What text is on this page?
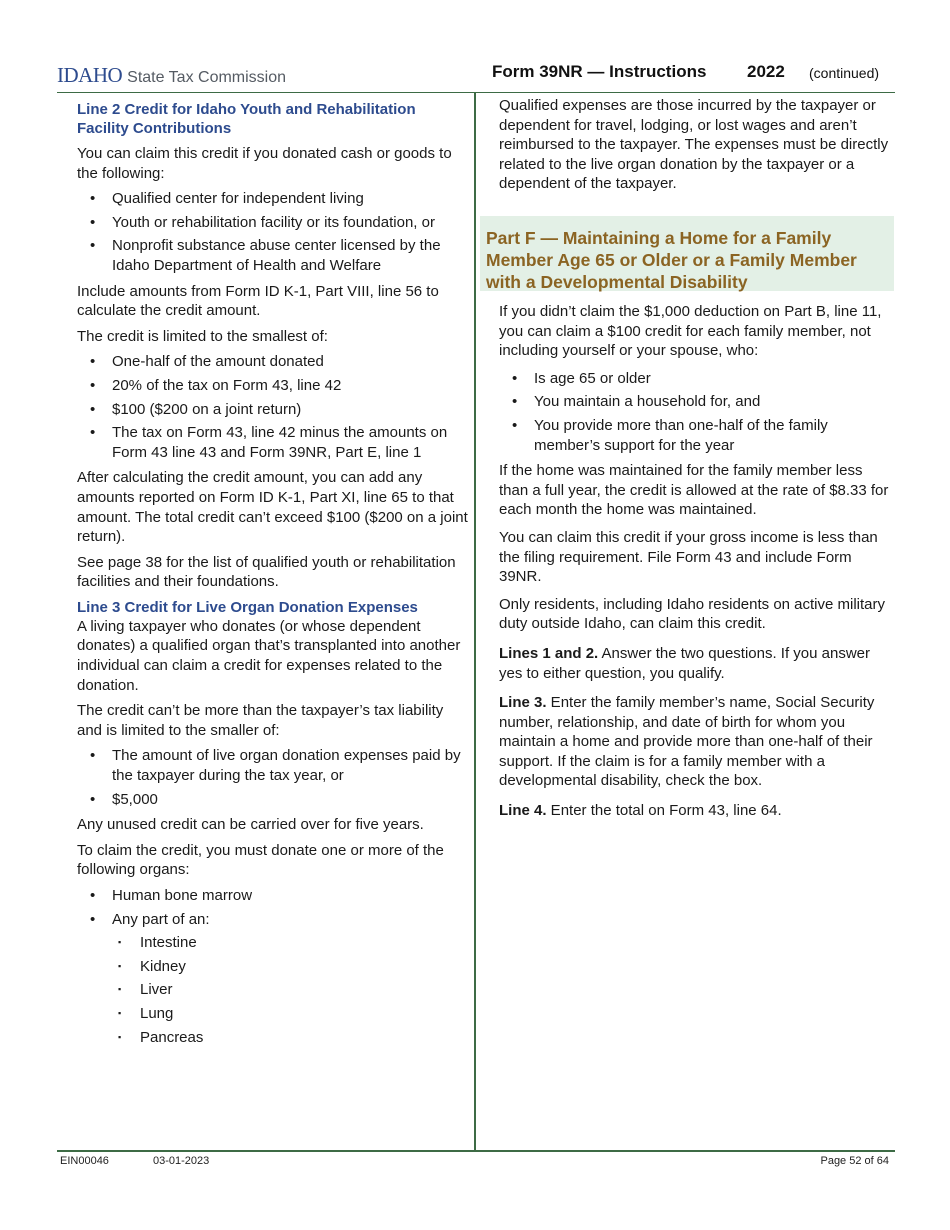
IDAHO State Tax Commission	Form 39NR — Instructions 2022 (continued)
Line 2 Credit for Idaho Youth and Rehabilitation Facility Contributions

You can claim this credit if you donated cash or goods to the following:

• Qualified center for independent living
• Youth or rehabilitation facility or its foundation, or
• Nonprofit substance abuse center licensed by the Idaho Department of Health and Welfare

Include amounts from Form ID K-1, Part VIII, line 56 to calculate the credit amount.

The credit is limited to the smallest of:

• One-half of the amount donated
• 20% of the tax on Form 43, line 42
• $100 ($200 on a joint return)
• The tax on Form 43, line 42 minus the amounts on Form 43 line 43 and Form 39NR, Part E, line 1

After calculating the credit amount, you can add any amounts reported on Form ID K-1, Part XI, line 65 to that amount. The total credit can’t exceed $100 ($200 on a joint return).

See page 38 for the list of qualified youth or rehabilitation facilities and their foundations.

Line 3 Credit for Live Organ Donation Expenses

A living taxpayer who donates (or whose dependent donates) a qualified organ that’s transplanted into another individual can claim a credit for expenses related to the donation.

The credit can’t be more than the taxpayer’s tax liability and is limited to the smaller of:

• The amount of live organ donation expenses paid by the taxpayer during the tax year, or
• $5,000

Any unused credit can be carried over for five years.

To claim the credit, you must donate one or more of the following organs:

• Human bone marrow
• Any part of an:
▪ Intestine
▪ Kidney
▪ Liver
▪ Lung
▪ Pancreas

Qualified expenses are those incurred by the taxpayer or dependent for travel, lodging, or lost wages and aren’t reimbursed to the taxpayer. The expenses must be directly related to the live organ donation by the taxpayer or a dependent of the taxpayer.

Part F — Maintaining a Home for a Family Member Age 65 or Older or a Family Member with a Developmental Disability

If you didn’t claim the $1,000 deduction on Part B, line 11, you can claim a $100 credit for each family member, not including yourself or your spouse, who:

• Is age 65 or older
• You maintain a household for, and
• You provide more than one-half of the family member’s support for the year

If the home was maintained for the family member less than a full year, the credit is allowed at the rate of $8.33 for each month the home was maintained.

You can claim this credit if your gross income is less than the filing requirement. File Form 43 and include Form 39NR.

Only residents, including Idaho residents on active military duty outside Idaho, can claim this credit.

Lines 1 and 2. Answer the two questions. If you answer yes to either question, you qualify.

Line 3. Enter the family member’s name, Social Security number, relationship, and date of birth for whom you maintain a home and provide more than one-half of their support. If the claim is for a family member with a developmental disability, check the box.

Line 4. Enter the total on Form 43, line 64.

EIN00046	03-01-2023	Page 52 of 64
